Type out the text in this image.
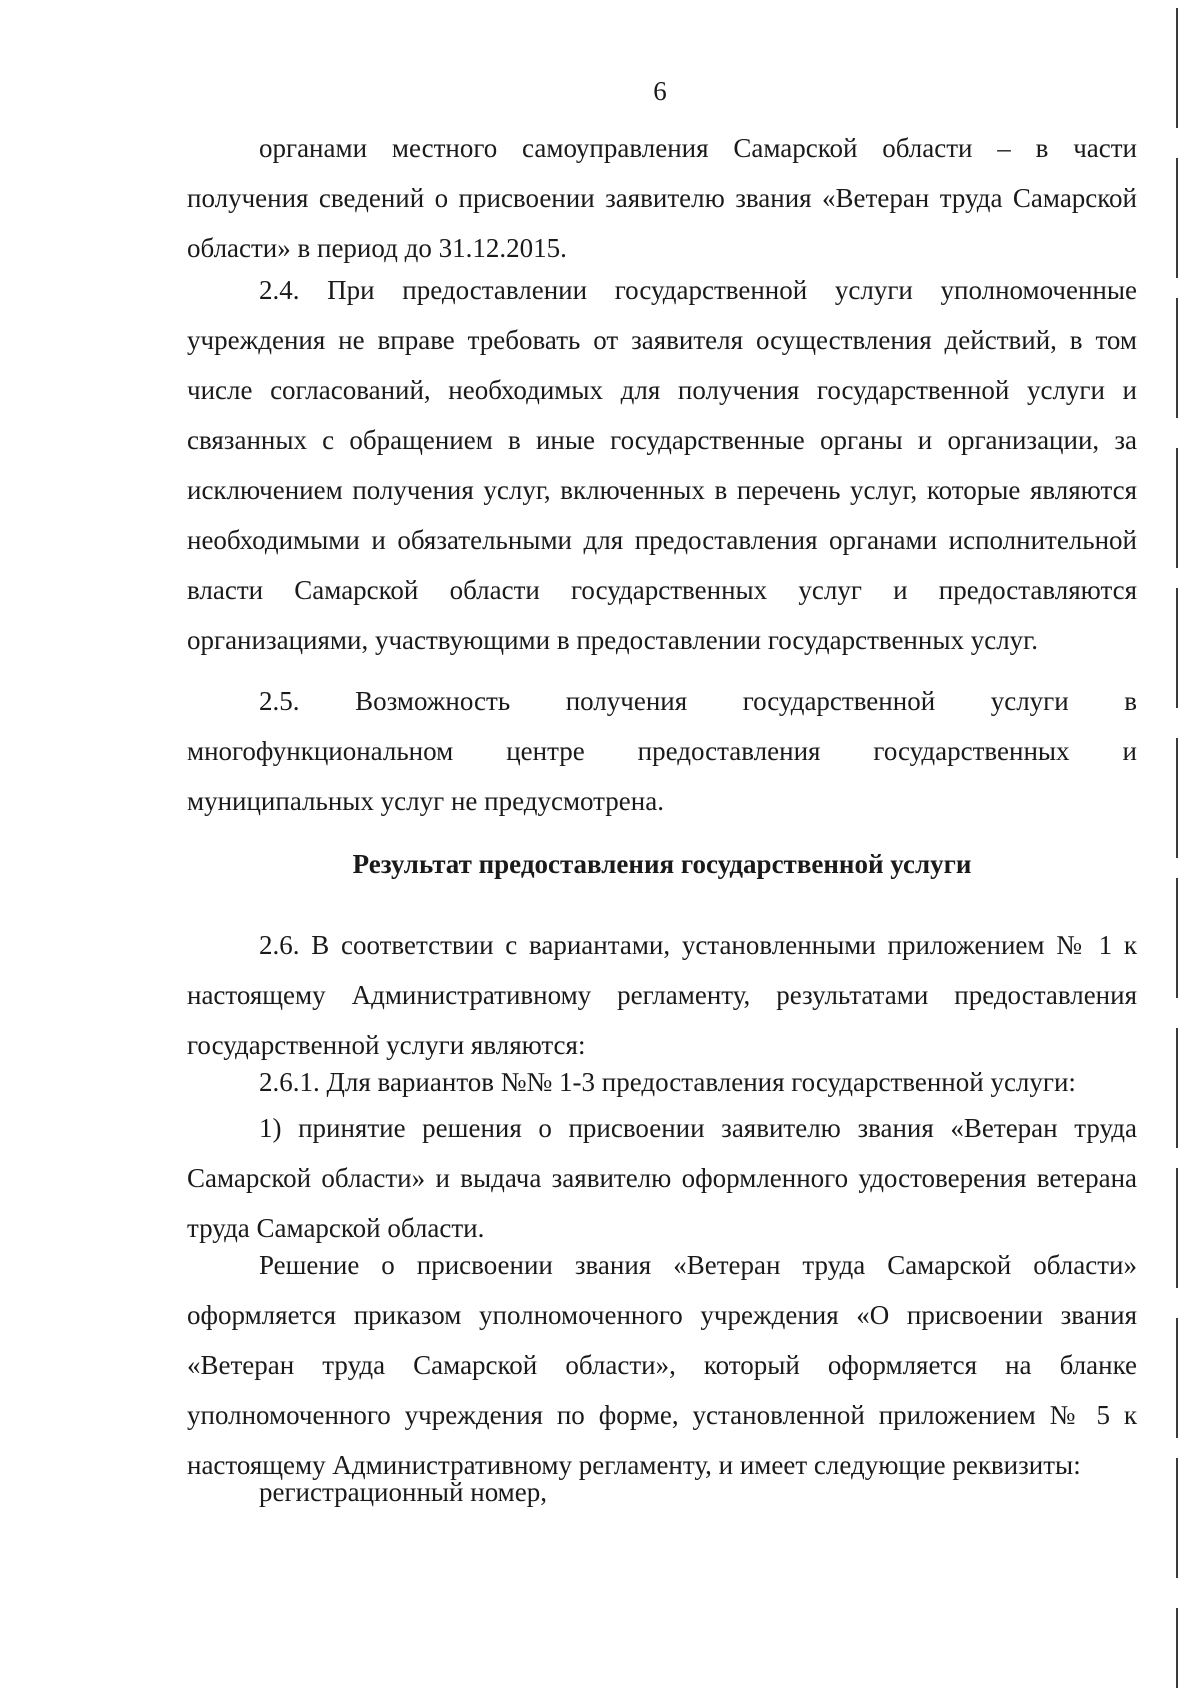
6

органами местного самоуправления Самарской области – в части получения сведений о присвоении заявителю звания «Ветеран труда Самарской области» в период до 31.12.2015.

2.4. При предоставлении государственной услуги уполномоченные учреждения не вправе требовать от заявителя осуществления действий, в том числе согласований, необходимых для получения государственной услуги и связанных с обращением в иные государственные органы и организации, за исключением получения услуг, включенных в перечень услуг, которые являются необходимыми и обязательными для предоставления органами исполнительной власти Самарской области государственных услуг и предоставляются организациями, участвующими в предоставлении государственных услуг.

2.5. Возможность получения государственной услуги в многофункциональном центре предоставления государственных и муниципальных услуг не предусмотрена.

Результат предоставления государственной услуги

2.6. В соответствии с вариантами, установленными приложением № 1 к настоящему Административному регламенту, результатами предоставления государственной услуги являются:

2.6.1. Для вариантов №№ 1-3 предоставления государственной услуги:

1) принятие решения о присвоении заявителю звания «Ветеран труда Самарской области» и выдача заявителю оформленного удостоверения ветерана труда Самарской области.

Решение о присвоении звания «Ветеран труда Самарской области» оформляется приказом уполномоченного учреждения «О присвоении звания «Ветеран труда Самарской области», который оформляется на бланке уполномоченного учреждения по форме, установленной приложением № 5 к настоящему Административному регламенту, и имеет следующие реквизиты:

регистрационный номер,
